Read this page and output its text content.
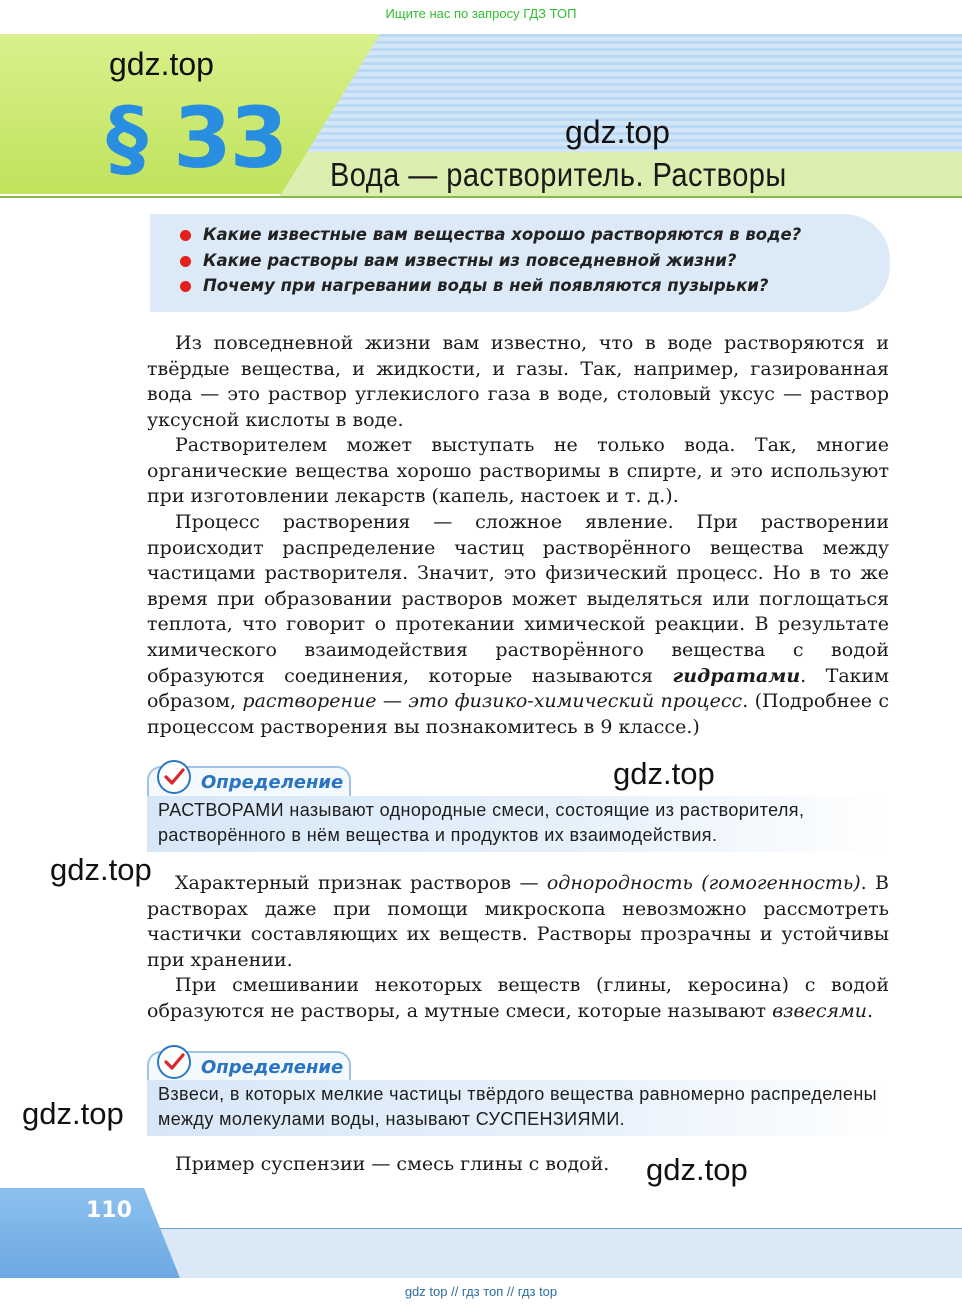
Ищите нас по запросу ГДЗ ТОП
§ 33 Вода — растворитель. Растворы
gdz.top
gdz.top
Какие известные вам вещества хорошо растворяются в воде?
Какие растворы вам известны из повседневной жизни?
Почему при нагревании воды в ней появляются пузырьки?

Из повседневной жизни вам известно, что в воде растворяются и твёрдые вещества, и жидкости, и газы. Так, например, газированная вода — это раствор углекислого газа в воде, столовый уксус — раствор уксусной кислоты в воде.

Растворителем может выступать не только вода. Так, многие органические вещества хорошо растворимы в спирте, и это используют при изготовлении лекарств (капель, настоек и т. д.).

Процесс растворения — сложное явление. При растворении происходит распределение частиц растворённого вещества между частицами растворителя. Значит, это физический процесс. Но в то же время при образовании растворов может выделяться или поглощаться теплота, что говорит о протекании химической реакции. В результате химического взаимодействия растворённого вещества с водой образуются соединения, которые называются гидратами. Таким образом, растворение — это физико-химический процесс. (Подробнее с процессом растворения вы познакомитесь в 9 классе.)

Определение

РАСТВОРАМИ называют однородные смеси, состоящие из растворителя, растворённого в нём вещества и продуктов их взаимодействия.

gdz.top
gdz.top	Характерный признак растворов — однородность (гомогенность). В растворах даже при помощи микроскопа невозможно рассмотреть частички составляющих их веществ. Растворы прозрачны и устойчивы при хранении.

При смешивании некоторых веществ (глины, керосина) с водой образуются не растворы, а мутные смеси, которые называют взвесями.

Определение

Взвеси, в которых мелкие частицы твёрдого вещества равномерно распределены между молекулами воды, называют СУСПЕНЗИЯМИ.

gdz.top

Пример суспензии — смесь глины с водой.	gdz.top
110
gdz top // гдз топ // гдз top
